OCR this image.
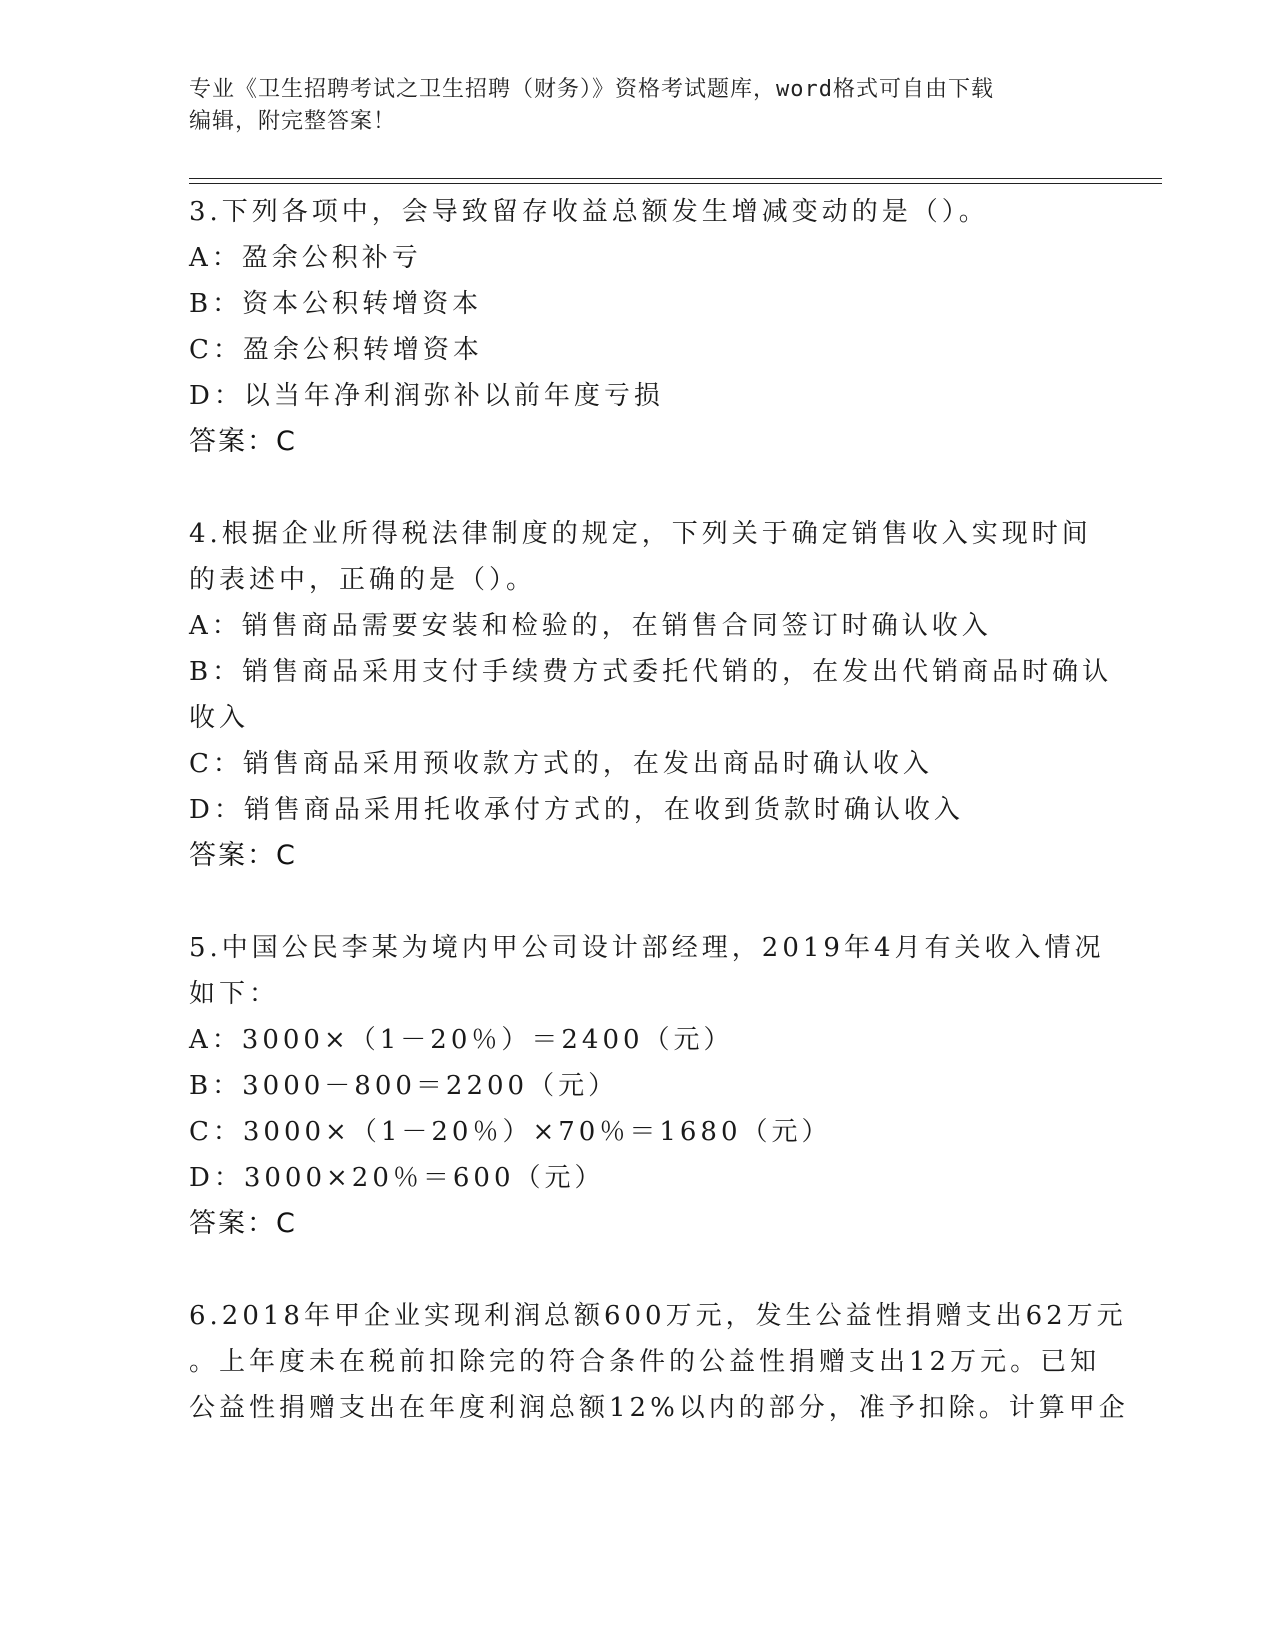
专业《卫生招聘考试之卫生招聘（财务）》资格考试题库，word格式可自由下载
编辑，附完整答案！
3.下列各项中，会导致留存收益总额发生增减变动的是（）。
A：盈余公积补亏
B：资本公积转增资本
C：盈余公积转增资本
D：以当年净利润弥补以前年度亏损
答案：C
4.根据企业所得税法律制度的规定，下列关于确定销售收入实现时间
的表述中，正确的是（）。
A：销售商品需要安装和检验的，在销售合同签订时确认收入
B：销售商品采用支付手续费方式委托代销的，在发出代销商品时确认
收入
C：销售商品采用预收款方式的，在发出商品时确认收入
D：销售商品采用托收承付方式的，在收到货款时确认收入
答案：C
5.中国公民李某为境内甲公司设计部经理，2019年4月有关收入情况
如下：
A：3000×（1－20％）＝2400（元）
B：3000－800＝2200（元）
C：3000×（1－20％）×70％＝1680（元）
D：3000×20％＝600（元）
答案：C
6.2018年甲企业实现利润总额600万元，发生公益性捐赠支出62万元
。上年度未在税前扣除完的符合条件的公益性捐赠支出12万元。已知
公益性捐赠支出在年度利润总额12%以内的部分，准予扣除。计算甲企
